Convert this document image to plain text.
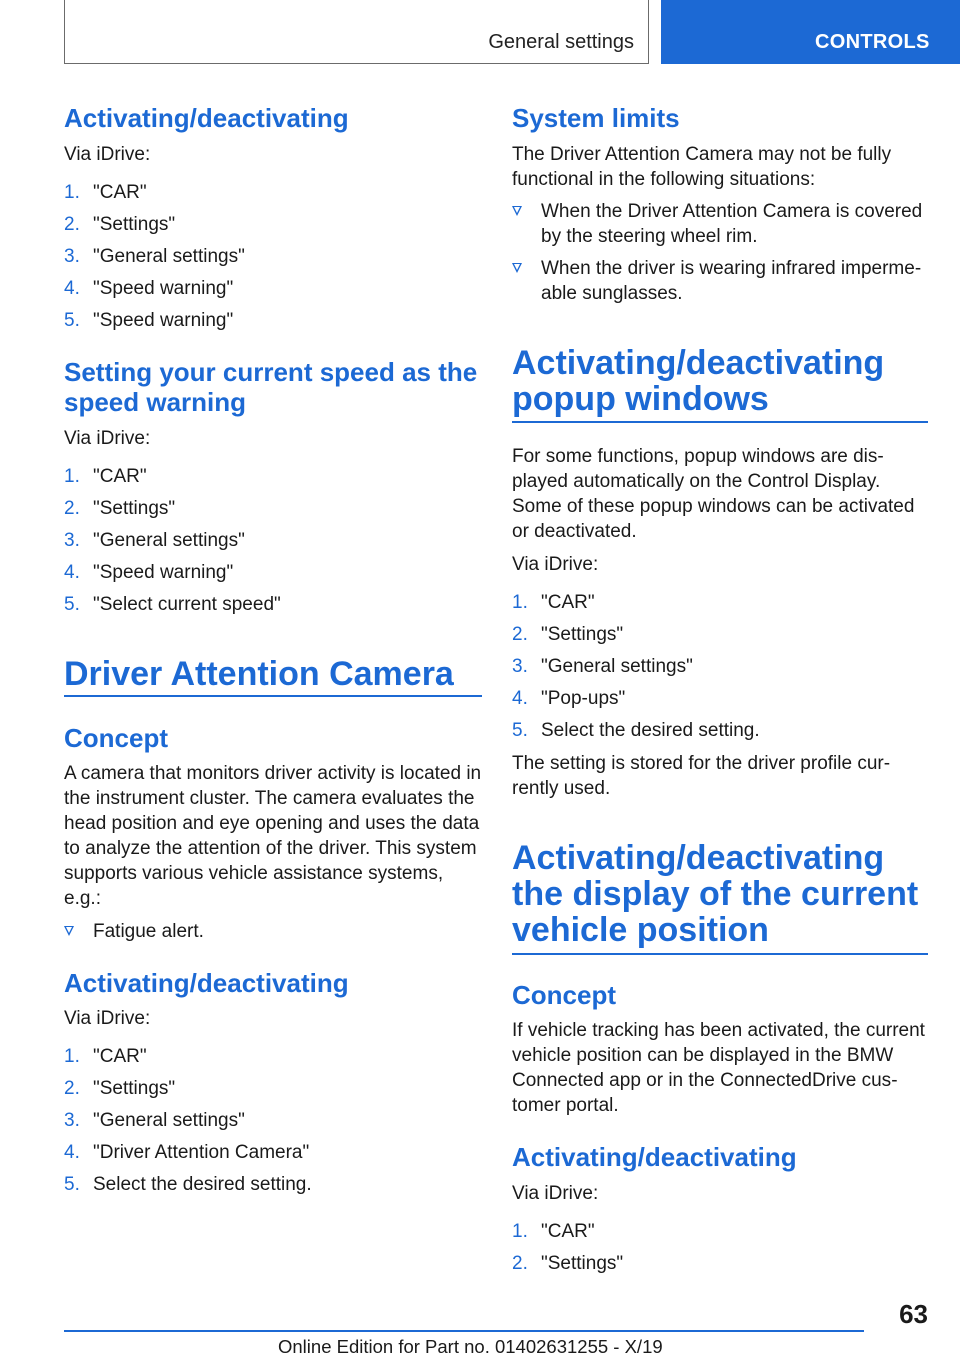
General settings	CONTROLS
Activating/deactivating
Via iDrive:
1. "CAR"
2. "Settings"
3. "General settings"
4. "Speed warning"
5. "Speed warning"
Setting your current speed as the speed warning
Via iDrive:
1. "CAR"
2. "Settings"
3. "General settings"
4. "Speed warning"
5. "Select current speed"
Driver Attention Camera
Concept
A camera that monitors driver activity is located in the instrument cluster. The camera evaluates the head position and eye opening and uses the data to analyze the attention of the driver. This system supports various vehicle assistance systems, e.g.:
Fatigue alert.
Activating/deactivating
Via iDrive:
1. "CAR"
2. "Settings"
3. "General settings"
4. "Driver Attention Camera"
5. Select the desired setting.
System limits
The Driver Attention Camera may not be fully functional in the following situations:
When the Driver Attention Camera is covered by the steering wheel rim.
When the driver is wearing infrared impermeable sunglasses.
Activating/deactivating popup windows
For some functions, popup windows are displayed automatically on the Control Display. Some of these popup windows can be activated or deactivated.
Via iDrive:
1. "CAR"
2. "Settings"
3. "General settings"
4. "Pop-ups"
5. Select the desired setting.
The setting is stored for the driver profile currently used.
Activating/deactivating the display of the current vehicle position
Concept
If vehicle tracking has been activated, the current vehicle position can be displayed in the BMW Connected app or in the ConnectedDrive customer portal.
Activating/deactivating
Via iDrive:
1. "CAR"
2. "Settings"
63
Online Edition for Part no. 01402631255 - X/19
